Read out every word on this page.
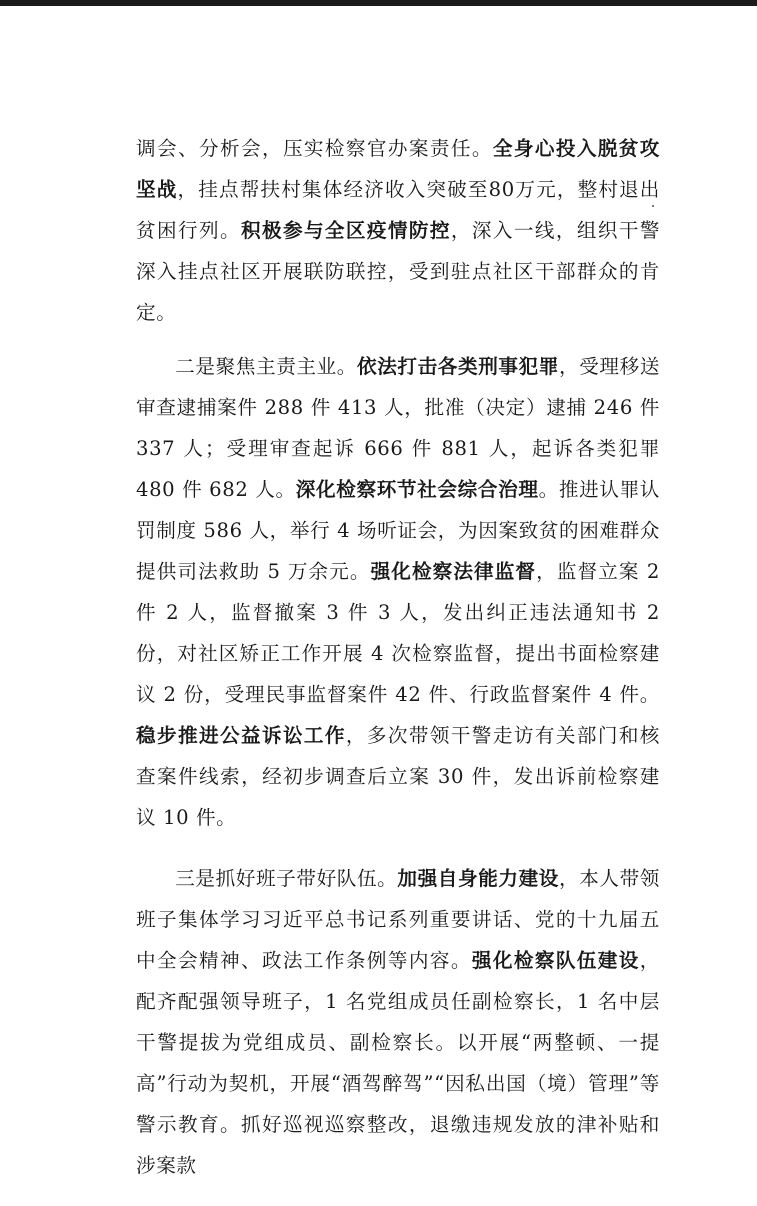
调会、分析会，压实检察官办案责任。全身心投入脱贫攻坚战，挂点帮扶村集体经济收入突破至80万元，整村退出贫困行列。积极参与全区疫情防控，深入一线，组织干警深入挂点社区开展联防联控，受到驻点社区干部群众的肯定。

二是聚焦主责主业。依法打击各类刑事犯罪，受理移送审查逮捕案件 288 件 413 人，批准（决定）逮捕 246 件 337 人；受理审查起诉 666 件 881 人，起诉各类犯罪 480 件 682 人。深化检察环节社会综合治理。推进认罪认罚制度 586 人，举行 4 场听证会，为因案致贫的困难群众提供司法救助 5 万余元。强化检察法律监督，监督立案 2 件 2 人，监督撤案 3 件 3 人，发出纠正违法通知书 2 份，对社区矫正工作开展 4 次检察监督，提出书面检察建议 2 份，受理民事监督案件 42 件、行政监督案件 4 件。稳步推进公益诉讼工作，多次带领干警走访有关部门和核查案件线索，经初步调查后立案 30 件，发出诉前检察建议 10 件。

三是抓好班子带好队伍。加强自身能力建设，本人带领班子集体学习习近平总书记系列重要讲话、党的十九届五中全会精神、政法工作条例等内容。强化检察队伍建设，配齐配强领导班子，1 名党组成员任副检察长，1 名中层干警提拔为党组成员、副检察长。以开展“两整顿、一提高”行动为契机，开展“酒驾醉驾”“因私出国（境）管理”等警示教育。抓好巡视巡察整改，退缴违规发放的津补贴和涉案款
